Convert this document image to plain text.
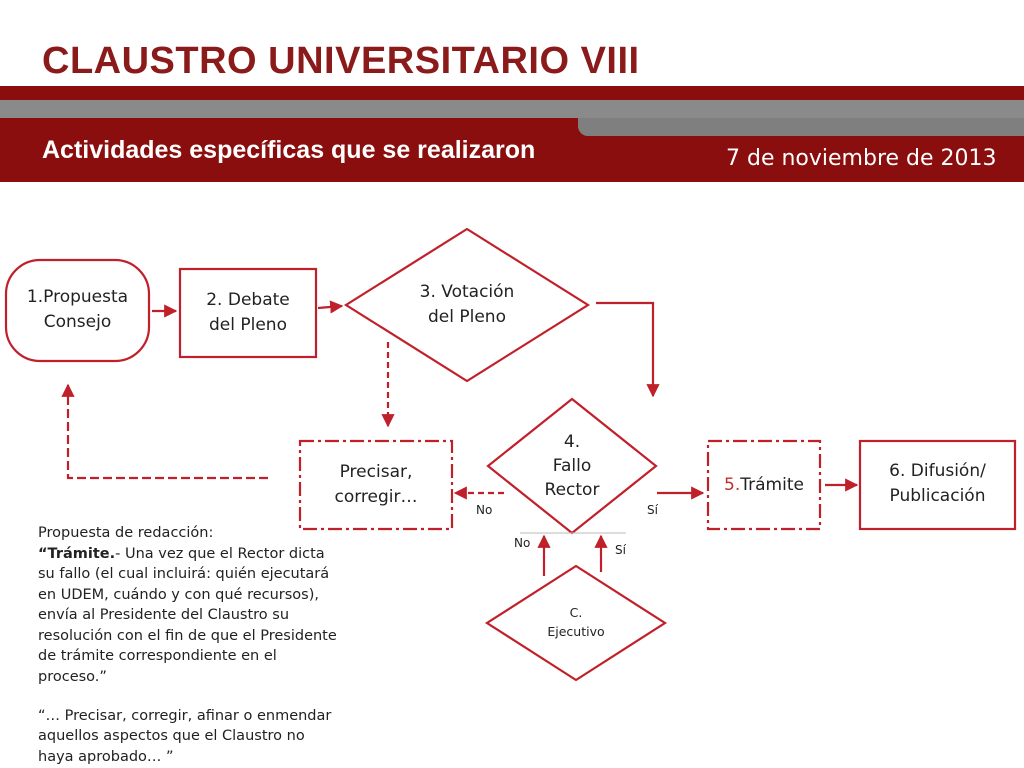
CLAUSTRO UNIVERSITARIO VIII
Actividades específicas que se realizaron	7 de noviembre de 2013
1.Propuesta
Consejo
2. Debate
del Pleno
3. Votación
del Pleno
Precisar,
corregir…
4.
Fallo
Rector	5.Trámite
6. Difusión/
Publicación
C.
Ejecutivo
No	Sí
No	Sí

Propuesta de redacción:

“Trámite.- Una vez que el Rector dicta su fallo (el cual incluirá: quién ejecutará en UDEM, cuándo y con qué recursos), envía al Presidente del Claustro su resolución con el fin de que el Presidente de trámite correspondiente en el proceso.”

“… Precisar, corregir, afinar o enmendar aquellos aspectos que el Claustro no haya aprobado… ”
